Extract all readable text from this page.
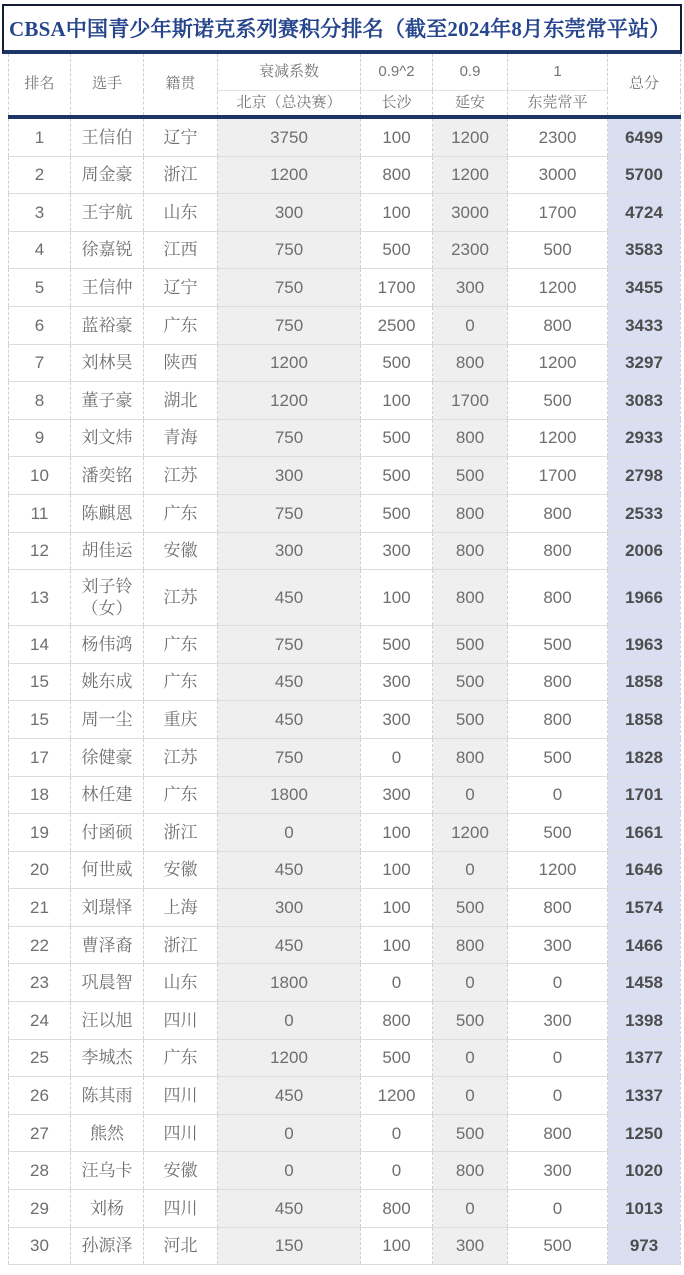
CBSA中国青少年斯诺克系列赛积分排名（截至2024年8月东莞常平站）
排名	选手	籍贯	衰减系数	0.9^2	0.9	1	总分
			北京（总决赛）	长沙	延安	东莞常平	
1	王信伯	辽宁	3750	100	1200	2300	6499
2	周金豪	浙江	1200	800	1200	3000	5700
3	王宇航	山东	300	100	3000	1700	4724
4	徐嘉锐	江西	750	500	2300	500	3583
5	王信仲	辽宁	750	1700	300	1200	3455
6	蓝裕豪	广东	750	2500	0	800	3433
7	刘林昊	陕西	1200	500	800	1200	3297
8	董子豪	湖北	1200	100	1700	500	3083
9	刘文炜	青海	750	500	800	1200	2933
10	潘奕铭	江苏	300	500	500	1700	2798
11	陈麒恩	广东	750	500	800	800	2533
12	胡佳运	安徽	300	300	800	800	2006
13	刘子铃（女）	江苏	450	100	800	800	1966
14	杨伟鸿	广东	750	500	500	500	1963
15	姚东成	广东	450	300	500	800	1858
15	周一尘	重庆	450	300	500	800	1858
17	徐健豪	江苏	750	0	800	500	1828
18	林任建	广东	1800	300	0	0	1701
19	付函硕	浙江	0	100	1200	500	1661
20	何世威	安徽	450	100	0	1200	1646
21	刘璟怿	上海	300	100	500	800	1574
22	曹泽裔	浙江	450	100	800	300	1466
23	巩晨智	山东	1800	0	0	0	1458
24	汪以旭	四川	0	800	500	300	1398
25	李城杰	广东	1200	500	0	0	1377
26	陈其雨	四川	450	1200	0	0	1337
27	熊然	四川	0	0	500	800	1250
28	汪乌卡	安徽	0	0	800	300	1020
29	刘杨	四川	450	800	0	0	1013
30	孙源泽	河北	150	100	300	500	973
